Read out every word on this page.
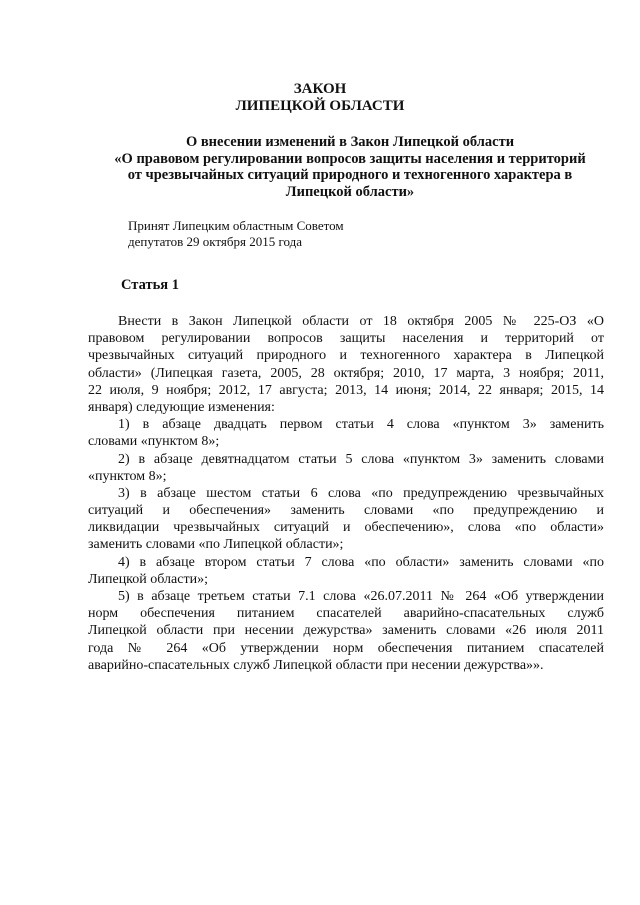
ЗАКОН
ЛИПЕЦКОЙ ОБЛАСТИ
О внесении изменений в Закон Липецкой области
«О правовом регулировании вопросов защиты населения и территорий
от чрезвычайных ситуаций природного и техногенного характера в
Липецкой области»
Принят Липецким областным Советом
депутатов 29 октября 2015 года
Статья 1
Внести в Закон Липецкой области от 18 октября 2005 № 225-ОЗ «О
правовом регулировании вопросов защиты населения и территорий от
чрезвычайных ситуаций природного и техногенного характера в Липецкой
области» (Липецкая газета, 2005, 28 октября; 2010, 17 марта, 3 ноября; 2011,
22 июля, 9 ноября; 2012, 17 августа; 2013, 14 июня; 2014, 22 января; 2015, 14
января) следующие изменения:
1) в абзаце двадцать первом статьи 4 слова «пунктом 3» заменить
словами «пунктом 8»;
2) в абзаце девятнадцатом статьи 5 слова «пунктом 3» заменить словами
«пунктом 8»;
3) в абзаце шестом статьи 6 слова «по предупреждению чрезвычайных
ситуаций и обеспечения» заменить словами «по предупреждению и
ликвидации чрезвычайных ситуаций и обеспечению», слова «по области»
заменить словами «по Липецкой области»;
4) в абзаце втором статьи 7 слова «по области» заменить словами «по
Липецкой области»;
5) в абзаце третьем статьи 7.1 слова «26.07.2011 № 264 «Об утверждении
норм обеспечения питанием спасателей аварийно-спасательных служб
Липецкой области при несении дежурства» заменить словами «26 июля 2011
года № 264 «Об утверждении норм обеспечения питанием спасателей
аварийно-спасательных служб Липецкой области при несении дежурства»».
